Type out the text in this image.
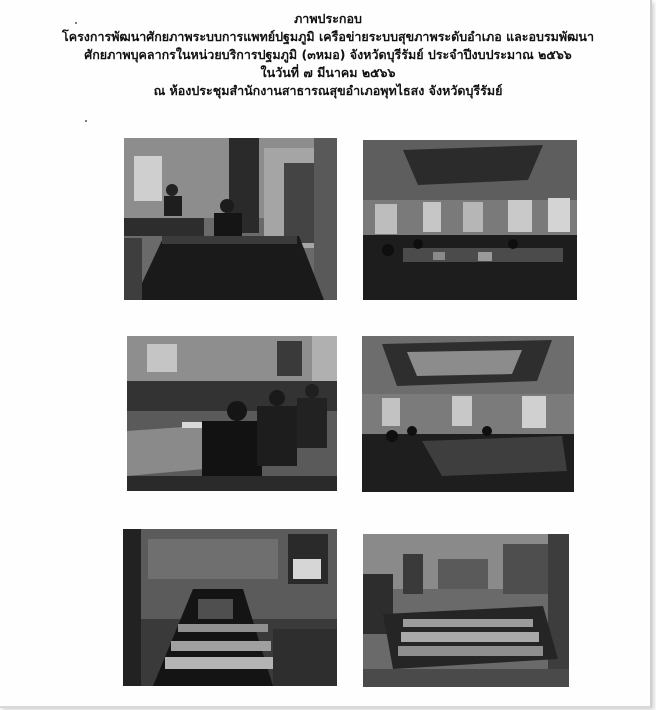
ภาพประกอบ
โครงการพัฒนาศักยภาพระบบการแพทย์ปฐมภูมิ เครือข่ายระบบสุขภาพระดับอำเภอ และอบรมพัฒนา
ศักยภาพบุคลากรในหน่วยบริการปฐมภูมิ (๓หมอ) จังหวัดบุรีรัมย์ ประจำปีงบประมาณ ๒๕๖๖
ในวันที่ ๗ มีนาคม ๒๕๖๖
ณ ห้องประชุมสำนักงานสาธารณสุขอำเภอพุทไธสง จังหวัดบุรีรัมย์
